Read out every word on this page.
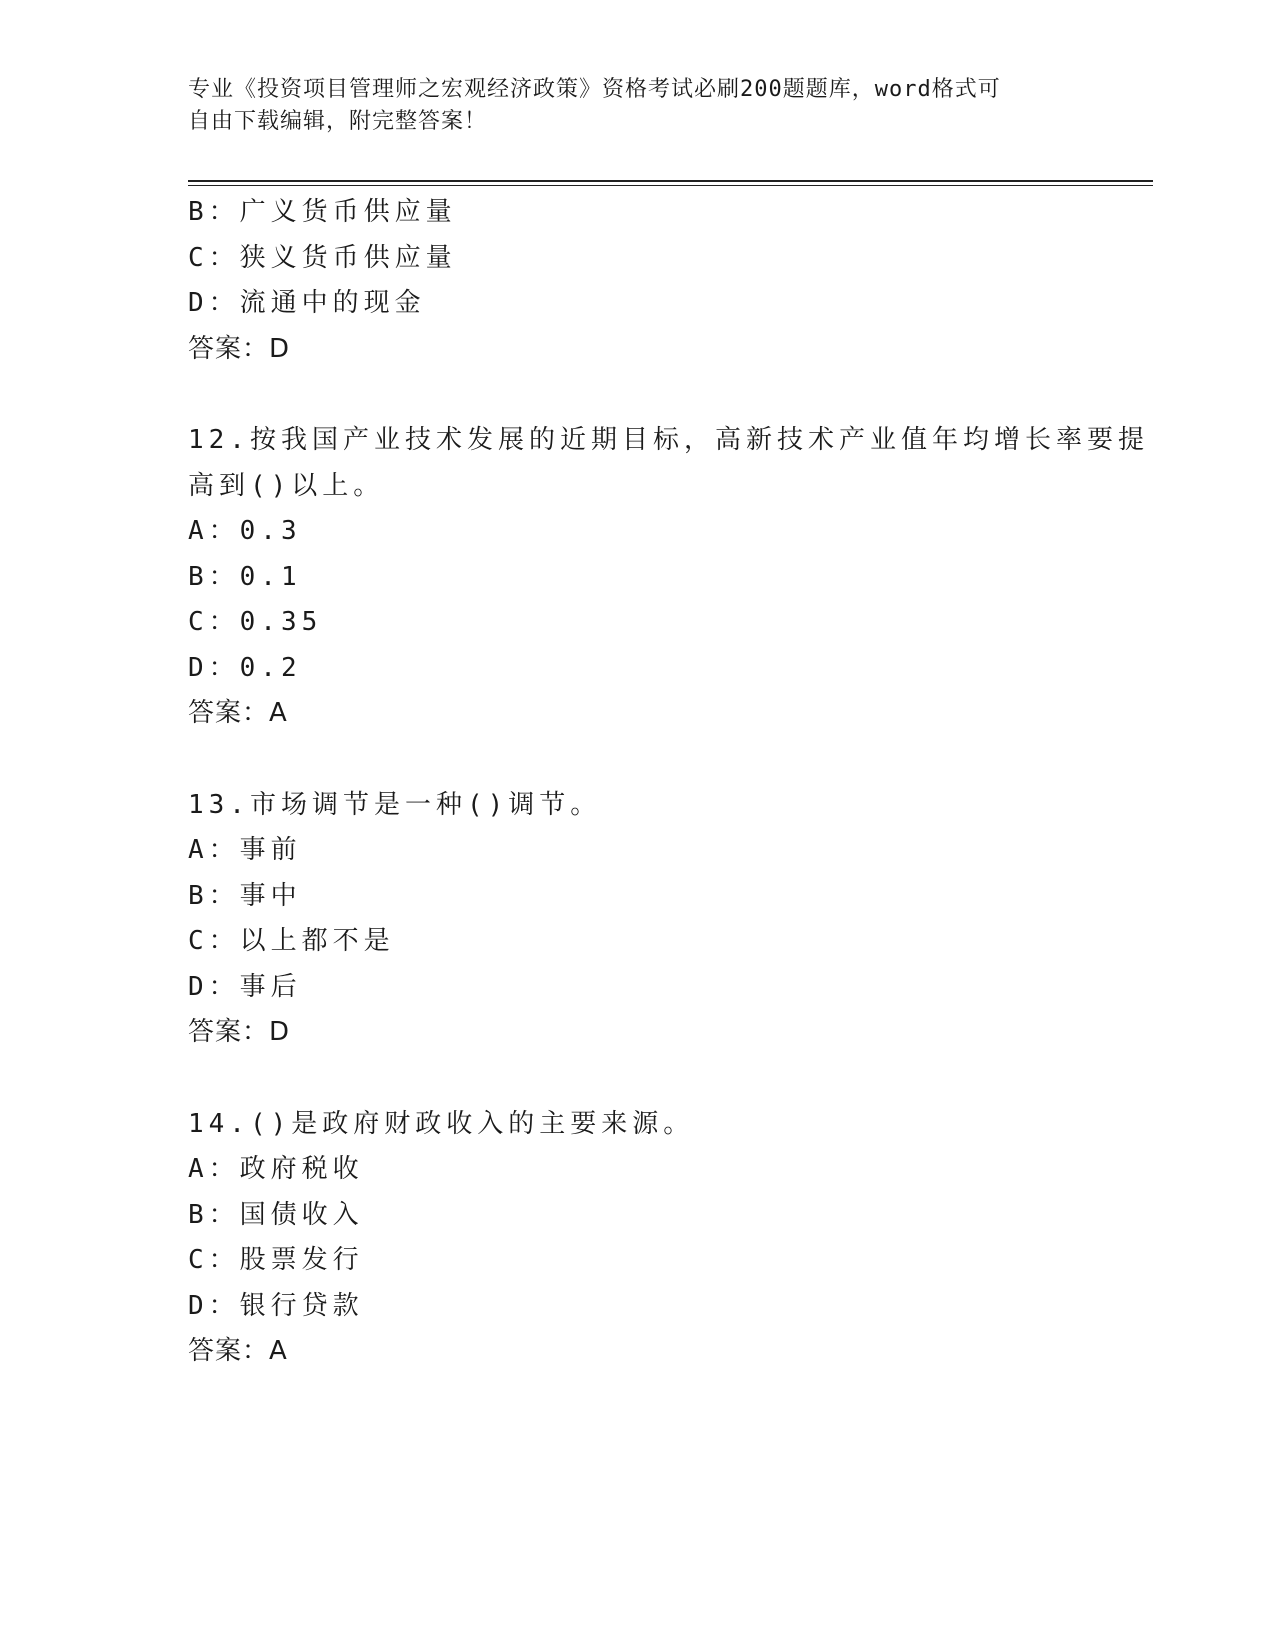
专业《投资项目管理师之宏观经济政策》资格考试必刷200题题库，word格式可
自由下载编辑，附完整答案！
B：广义货币供应量
C：狭义货币供应量
D：流通中的现金
答案：D
12.按我国产业技术发展的近期目标，高新技术产业值年均增长率要提
高到()以上。
A：0.3
B：0.1
C：0.35
D：0.2
答案：A
13.市场调节是一种()调节。
A：事前
B：事中
C：以上都不是
D：事后
答案：D
14.()是政府财政收入的主要来源。
A：政府税收
B：国债收入
C：股票发行
D：银行贷款
答案：A
